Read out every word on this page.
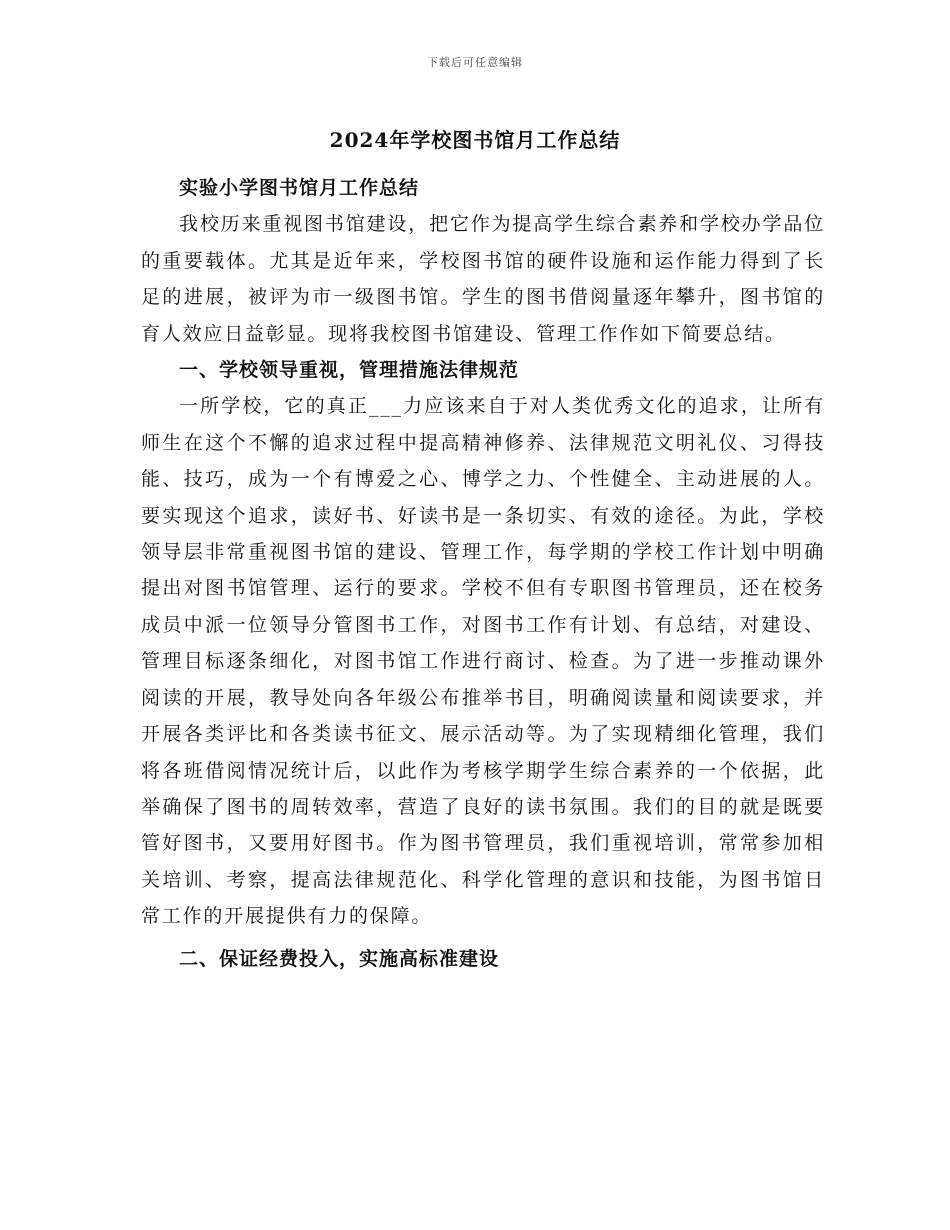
下载后可任意编辑
2024年学校图书馆月工作总结

实验小学图书馆月工作总结

我校历来重视图书馆建设，把它作为提高学生综合素养和学校办学品位的重要载体。尤其是近年来，学校图书馆的硬件设施和运作能力得到了长足的进展，被评为市一级图书馆。学生的图书借阅量逐年攀升，图书馆的育人效应日益彰显。现将我校图书馆建设、管理工作作如下简要总结。

一、学校领导重视，管理措施法律规范

一所学校，它的真正___力应该来自于对人类优秀文化的追求，让所有师生在这个不懈的追求过程中提高精神修养、法律规范文明礼仪、习得技能、技巧，成为一个有博爱之心、博学之力、个性健全、主动进展的人。要实现这个追求，读好书、好读书是一条切实、有效的途径。为此，学校领导层非常重视图书馆的建设、管理工作，每学期的学校工作计划中明确提出对图书馆管理、运行的要求。学校不但有专职图书管理员，还在校务成员中派一位领导分管图书工作，对图书工作有计划、有总结，对建设、管理目标逐条细化，对图书馆工作进行商讨、检查。为了进一步推动课外阅读的开展，教导处向各年级公布推举书目，明确阅读量和阅读要求，并开展各类评比和各类读书征文、展示活动等。为了实现精细化管理，我们将各班借阅情况统计后，以此作为考核学期学生综合素养的一个依据，此举确保了图书的周转效率，营造了良好的读书氛围。我们的目的就是既要管好图书，又要用好图书。作为图书管理员，我们重视培训，常常参加相关培训、考察，提高法律规范化、科学化管理的意识和技能，为图书馆日常工作的开展提供有力的保障。

二、保证经费投入，实施高标准建设
